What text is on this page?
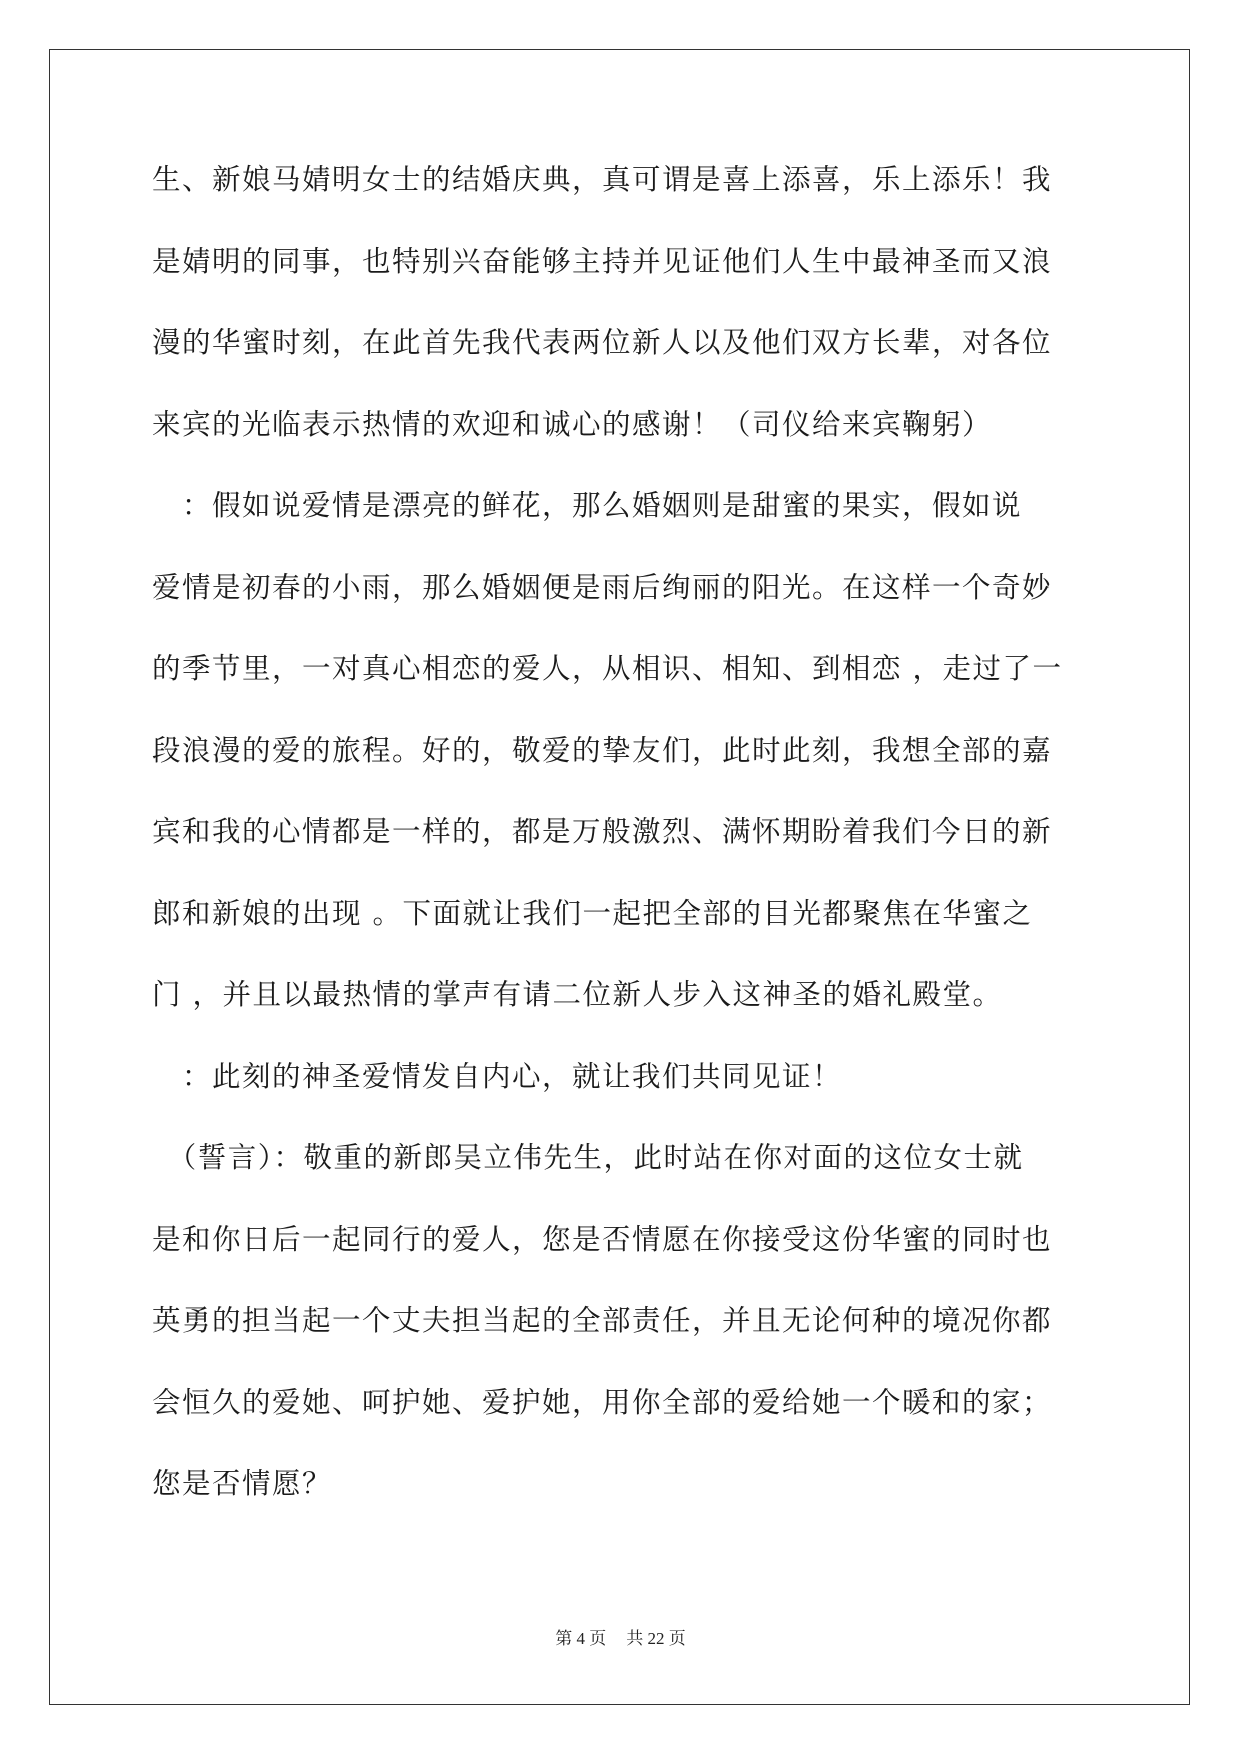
生、新娘马婧明女士的结婚庆典，真可谓是喜上添喜，乐上添乐！我
是婧明的同事，也特别兴奋能够主持并见证他们人生中最神圣而又浪
漫的华蜜时刻，在此首先我代表两位新人以及他们双方长辈，对各位
来宾的光临表示热情的欢迎和诚心的感谢！（司仪给来宾鞠躬）
　：假如说爱情是漂亮的鲜花，那么婚姻则是甜蜜的果实，假如说
爱情是初春的小雨，那么婚姻便是雨后绚丽的阳光。在这样一个奇妙
的季节里，一对真心相恋的爱人，从相识、相知、到相恋 ，走过了一
段浪漫的爱的旅程。好的，敬爱的挚友们，此时此刻，我想全部的嘉
宾和我的心情都是一样的，都是万般激烈、满怀期盼着我们今日的新
郎和新娘的出现 。下面就让我们一起把全部的目光都聚焦在华蜜之
门 ，并且以最热情的掌声有请二位新人步入这神圣的婚礼殿堂。
　：此刻的神圣爱情发自内心，就让我们共同见证！
　（誓言）：敬重的新郎吴立伟先生，此时站在你对面的这位女士就
是和你日后一起同行的爱人，您是否情愿在你接受这份华蜜的同时也
英勇的担当起一个丈夫担当起的全部责任，并且无论何种的境况你都
会恒久的爱她、呵护她、爱护她，用你全部的爱给她一个暖和的家；
您是否情愿？
第 4 页 共 22 页
